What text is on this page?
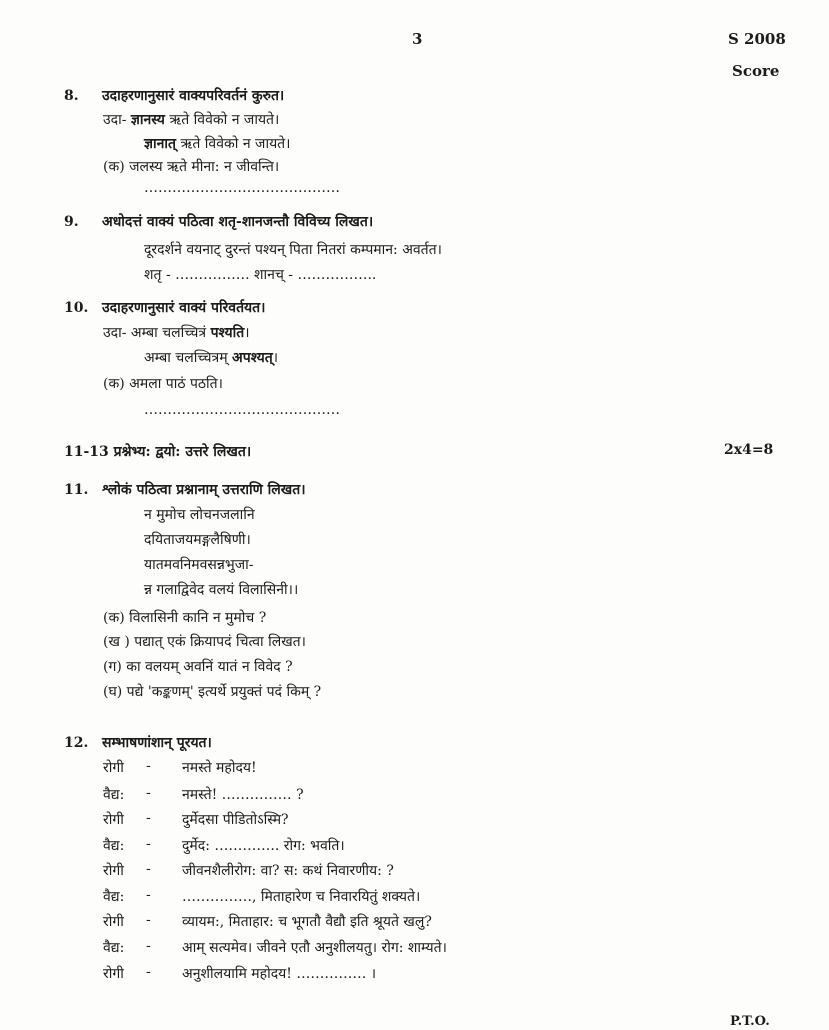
3	S 2008
Score
8. उदाहरणानुसारं वाक्यपरिवर्तनं कुरुत।
उदा- ज्ञानस्य ऋते विवेको न जायते।
ज्ञानात् ऋते विवेको न जायते।
(क) जलस्य ऋते मीना: न जीवन्ति।
……………………………………
9. अधोदत्तं वाक्यं पठित्वा शतृ-शानजन्तौ विविच्य लिखत।
दूरदर्शने वयनाट् दुरन्तं पश्यन् पिता नितरां कम्पमान: अवर्तत।
शतृ - ……………. शानच् - ……………..
10. उदाहरणानुसारं वाक्यं परिवर्तयत।
उदा- अम्बा चलच्चित्रं पश्यति।
अम्बा चलच्चित्रम् अपश्यत्।
(क) अमला पाठं पठति।
……………………………………
11-13 प्रश्नेभ्य: द्वयो: उत्तरे लिखत।	2x4=8
11. श्लोकं पठित्वा प्रश्नानाम् उत्तराणि लिखत।
न मुमोच लोचनजलानि
दयिताजयमङ्गलैषिणी।
यातमवनिमवसन्नभुजा-
न्न गलाद्विवेद वलयं विलासिनी।।
(क) विलासिनी कानि न मुमोच ?
(ख ) पद्यात् एकं क्रियापदं चित्वा लिखत।
(ग) का वलयम् अवनिं यातं न विवेद ?
(घ) पद्ये 'कङ्कणम्' इत्यर्थे प्रयुक्तं पदं किम् ?
12. सम्भाषणांशान् पूरयत।
रोगी - नमस्ते महोदय!
वैद्य: - नमस्ते! …………… ?
रोगी - दुर्मेदसा पीडितोऽस्मि?
वैद्य: - दुर्मेद: ………….. रोग: भवति।
रोगी - जीवनशैलीरोग: वा? स: कथं निवारणीय: ?
वैद्य: - ……………, मिताहारेण च निवारयितुं शक्यते।
रोगी - व्यायम:, मिताहार: च भूगतौ वैद्यौ इति श्रूयते खलु?
वैद्य: - आम् सत्यमेव। जीवने एतौ अनुशीलयतु। रोग: शाम्यते।
रोगी - अनुशीलयामि महोदय! …………… ।
P.T.O.
